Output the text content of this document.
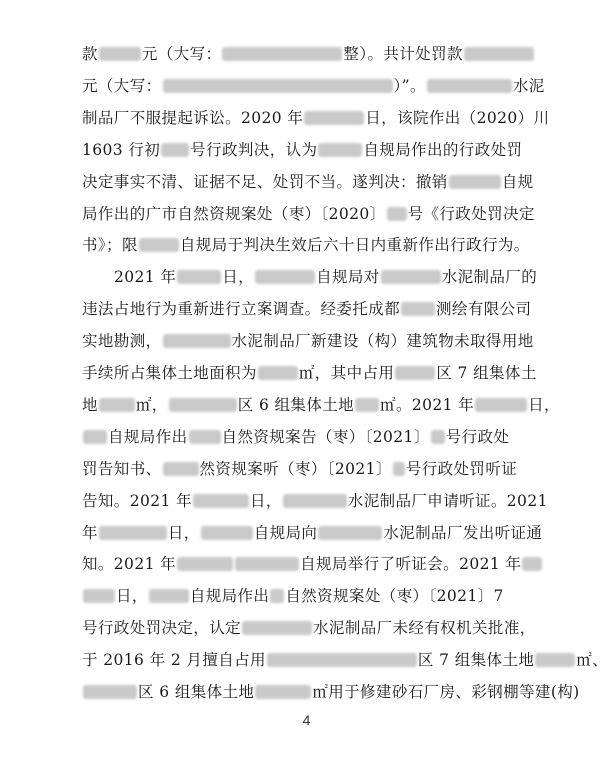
款	元（大写：	整）。共计处罚款
元（大写：	）”。	水泥
制品厂不服提起诉讼。2020 年	日，该院作出（2020）川
1603 行初 号行政判决，认为	自规局作出的行政处罚
决定事实不清、证据不足、处罚不当。遂判决：撤销	自规
局作出的广市自然资规案处（枣）〔2020〕 号《行政处罚决定
书》；限	自规局于判决生效后六十日内重新作出行政行为。
2021 年	日，	自规局对	水泥制品厂的
违法占地行为重新进行立案调查。经委托成都 测绘有限公司
实地勘测，	水泥制品厂新建设（构）建筑物未取得用地
手续所占集体土地面积为	㎡，其中占用	区 7 组集体土
地 ㎡，	区 6 组集体土地 ㎡。2021 年	日，
自规局作出 自然资规案告（枣）〔2021〕 号行政处
罚告知书、 然资规案听（枣）〔2021〕 号行政处罚听证
告知。2021 年	日，	水泥制品厂申请听证。2021
年	日，	自规局向	水泥制品厂发出听证通
知。2021 年	自规局举行了听证会。2021 年
日，	自规局作出 自然资规案处（枣）〔2021〕7
号行政处罚决定，认定	水泥制品厂未经有权机关批准，
于 2016 年 2 月擅自占用	区 7 组集体土地	㎡、
区 6 组集体土地	㎡用于修建砂石厂房、彩钢棚等建(构)
4
